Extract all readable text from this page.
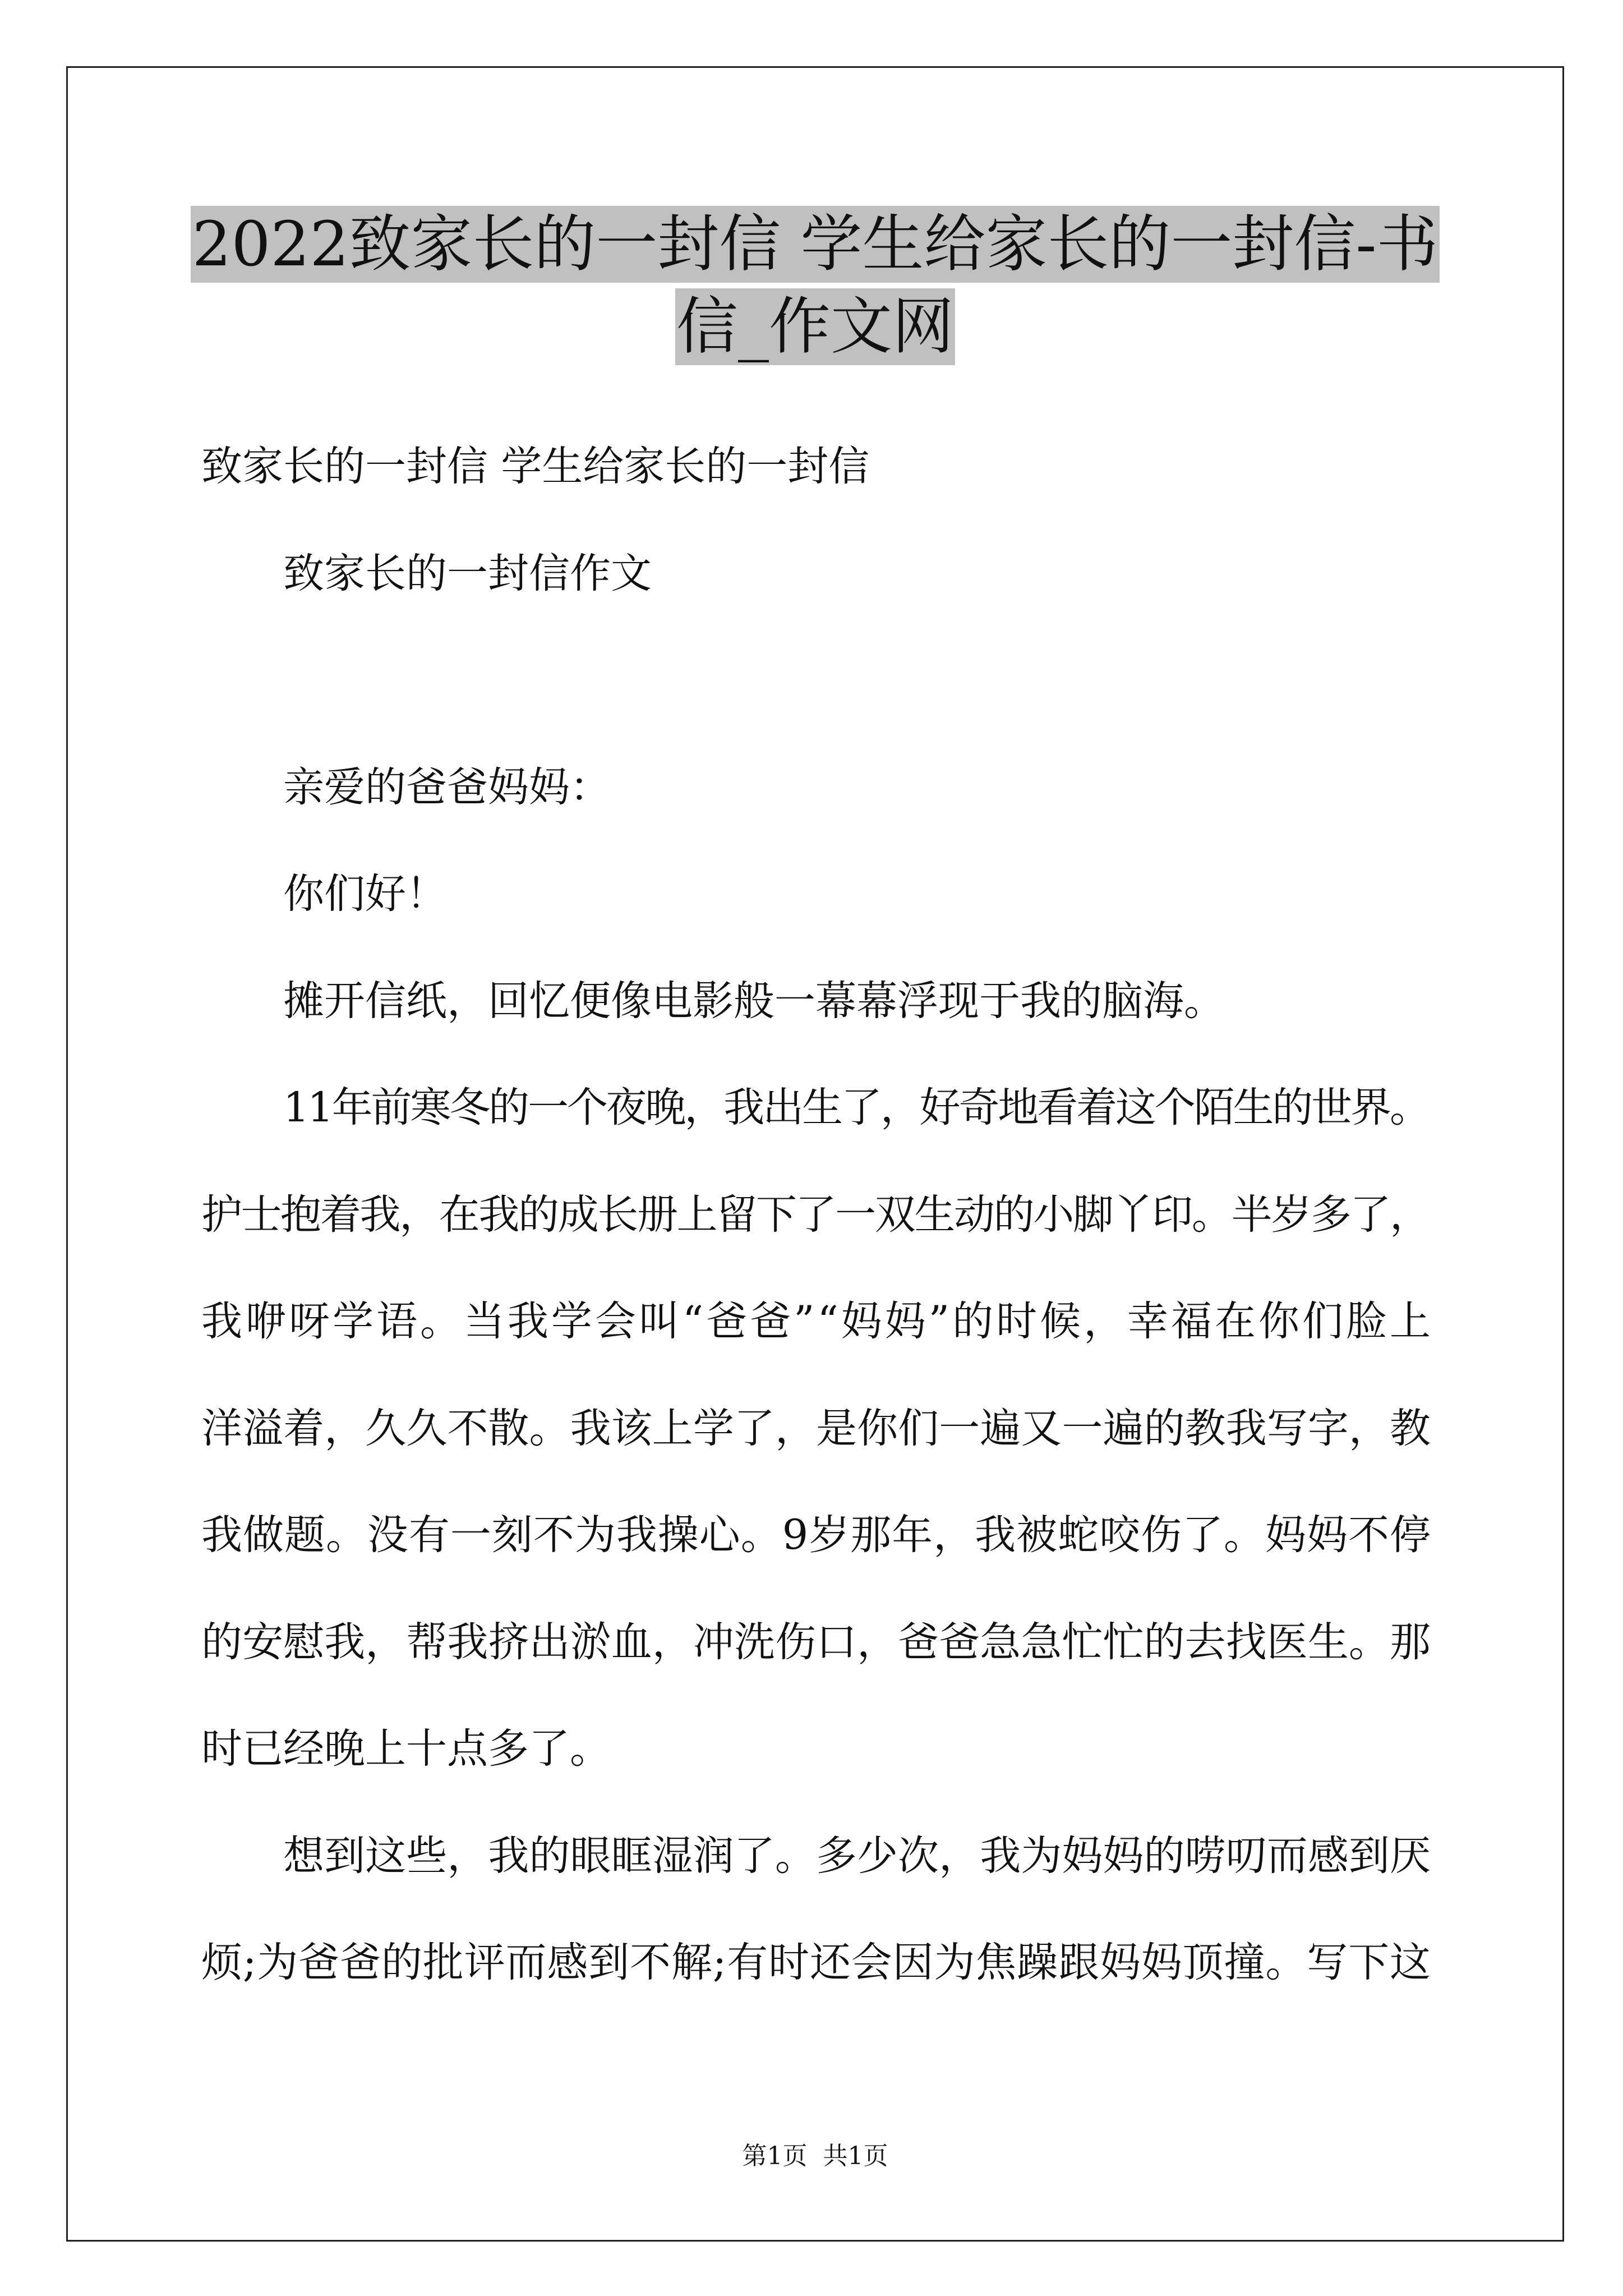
2022致家长的一封信 学生给家长的一封信-书
信_作文网
致家长的一封信 学生给家长的一封信
致家长的一封信作文
亲爱的爸爸妈妈：
你们好！
摊开信纸，回忆便像电影般一幕幕浮现于我的脑海。
11年前寒冬的一个夜晚，我出生了，好奇地看着这个陌生的世界。
护士抱着我，在我的成长册上留下了一双生动的小脚丫印。半岁多了，
我咿呀学语。当我学会叫“爸爸”“妈妈”的时候，幸福在你们脸上
洋溢着，久久不散。我该上学了，是你们一遍又一遍的教我写字，教
我做题。没有一刻不为我操心。9岁那年，我被蛇咬伤了。妈妈不停
的安慰我，帮我挤出淤血，冲洗伤口，爸爸急急忙忙的去找医生。那
时已经晚上十点多了。
想到这些，我的眼眶湿润了。多少次，我为妈妈的唠叨而感到厌
烦;为爸爸的批评而感到不解;有时还会因为焦躁跟妈妈顶撞。写下这
第1页  共1页
